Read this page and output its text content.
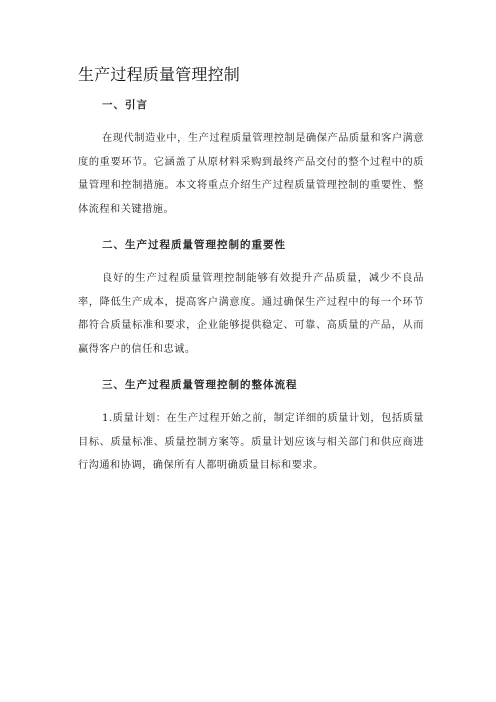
生产过程质量管理控制
一、引言

在现代制造业中，生产过程质量管理控制是确保产品质量和客户满意度的重要环节。它涵盖了从原材料采购到最终产品交付的整个过程中的质量管理和控制措施。本文将重点介绍生产过程质量管理控制的重要性、整体流程和关键措施。

二、生产过程质量管理控制的重要性

良好的生产过程质量管理控制能够有效提升产品质量，减少不良品率，降低生产成本，提高客户满意度。通过确保生产过程中的每一个环节都符合质量标准和要求，企业能够提供稳定、可靠、高质量的产品，从而赢得客户的信任和忠诚。

三、生产过程质量管理控制的整体流程

1.质量计划：在生产过程开始之前，制定详细的质量计划，包括质量目标、质量标准、质量控制方案等。质量计划应该与相关部门和供应商进行沟通和协调，确保所有人都明确质量目标和要求。
